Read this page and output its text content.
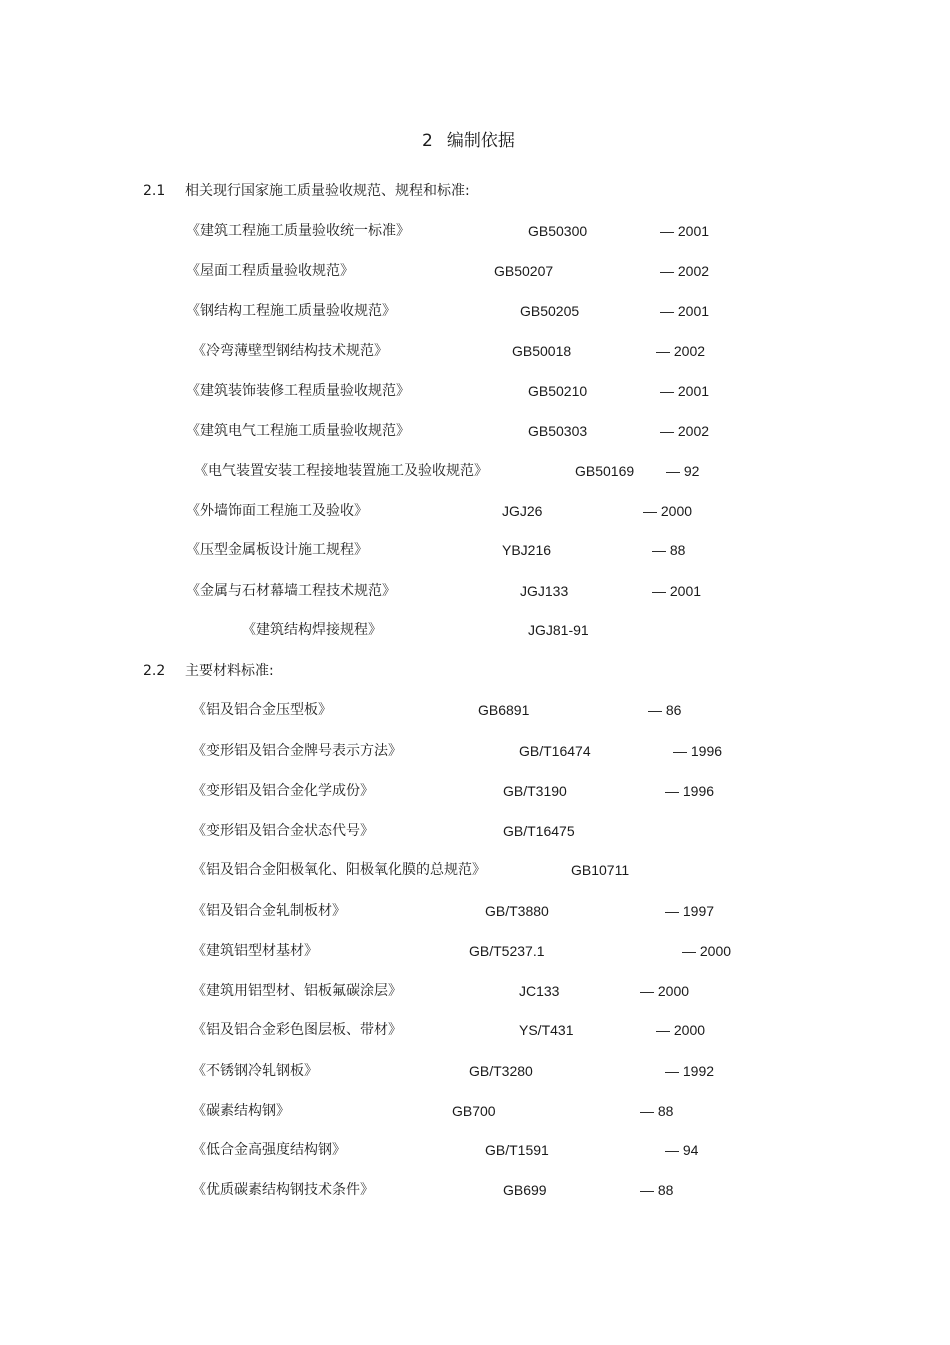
2 编制依据
2.1 相关现行国家施工质量验收规范、规程和标准:
2.2 主要材料标准:
《建筑工程施工质量验收统一标准》	GB50300	— 2001
《屋面工程质量验收规范》	GB50207	— 2002
《钢结构工程施工质量验收规范》	GB50205	— 2001
《冷弯薄壁型钢结构技术规范》	GB50018	— 2002
《建筑装饰装修工程质量验收规范》	GB50210	— 2001
《建筑电气工程施工质量验收规范》	GB50303	— 2002
《电气装置安装工程接地装置施工及验收规范》	GB50169 — 92
《外墙饰面工程施工及验收》	JGJ26	— 2000
《压型金属板设计施工规程》	YBJ216	— 88
《金属与石材幕墙工程技术规范》	JGJ133	— 2001
《建筑结构焊接规程》	JGJ81-91
《铝及铝合金压型板》	GB6891	— 86
《变形铝及铝合金牌号表示方法》	GB/T16474	— 1996
《变形铝及铝合金化学成份》	GB/T3190	— 1996
《变形铝及铝合金状态代号》	GB/T16475
《铝及铝合金阳极氧化、阳极氧化膜的总规范》	GB10711
《铝及铝合金轧制板材》	GB/T3880	— 1997
《建筑铝型材基材》	GB/T5237.1	— 2000
《建筑用铝型材、铝板氟碳涂层》	JC133	— 2000
《铝及铝合金彩色图层板、带材》	YS/T431	— 2000
《不锈钢冷轧钢板》	GB/T3280	— 1992
《碳素结构钢》	GB700	— 88
《低合金高强度结构钢》	GB/T1591	— 94
《优质碳素结构钢技术条件》	GB699	— 88
